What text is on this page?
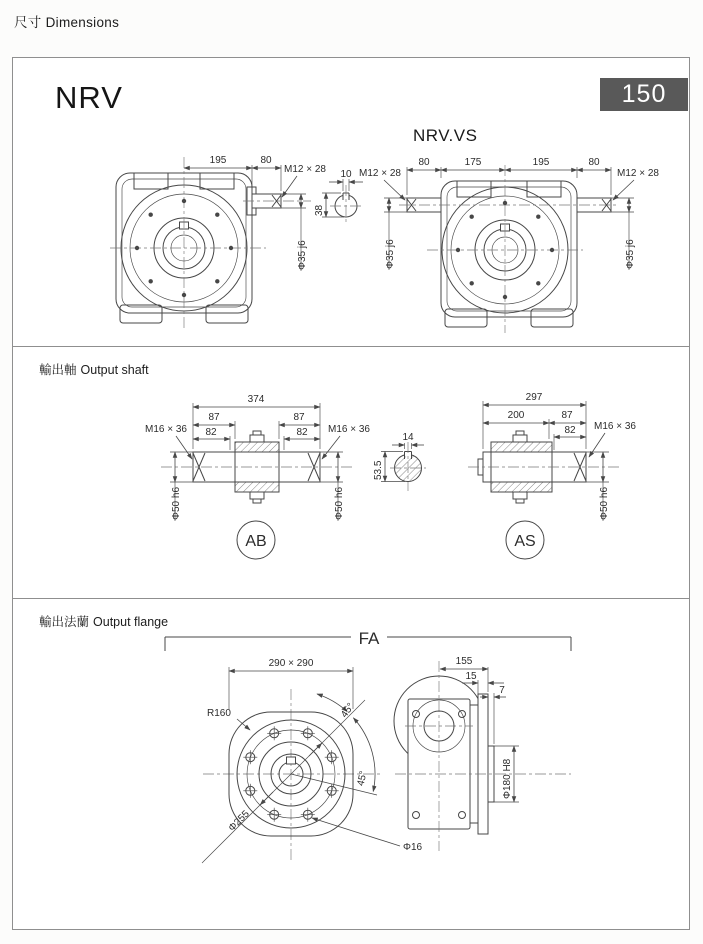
尺寸 Dimensions
NRV	150
NRV.VS
195	80
M12 × 28
Φ35 j6
10
38
80	175	195	80
M12 × 28	M12 × 28
Φ35 j6	Φ35 j6
輸出軸 Output shaft
AB
374
87	87
82	82
M16 × 36	M16 × 36
Φ50 h6	Φ50 h6
14
53.5
AS
297
200	87
82 M16 × 36
Φ50 h6
輸出法蘭 Output flange
FA
290 × 290
R160
Φ255
45°
45°
Φ16
155
15
7
Φ180 H8
